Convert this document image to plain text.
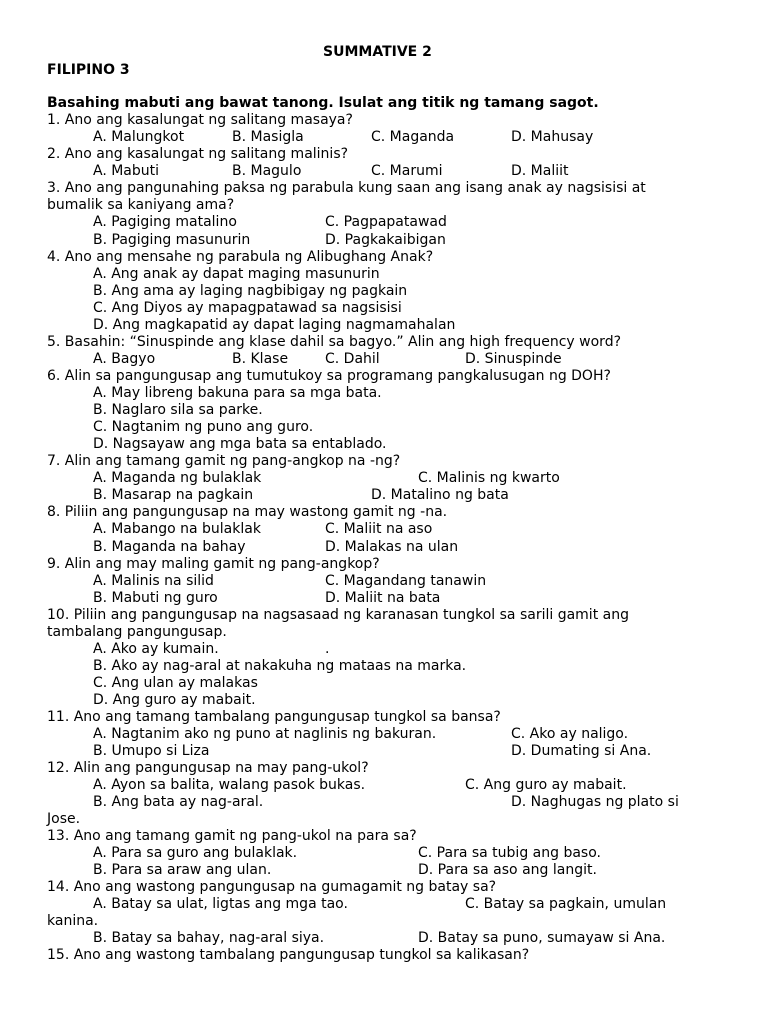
SUMMATIVE 2
FILIPINO 3
Basahing mabuti ang bawat tanong. Isulat ang titik ng tamang sagot.
1. Ano ang kasalungat ng salitang masaya?
A. Malungkot	B. Masigla	C. Maganda	D. Mahusay
2. Ano ang kasalungat ng salitang malinis?
A. Mabuti	B. Magulo	C. Marumi	D. Maliit
3. Ano ang pangunahing paksa ng parabula kung saan ang isang anak ay nagsisisi at
bumalik sa kaniyang ama?
A. Pagiging matalino	C. Pagpapatawad
B. Pagiging masunurin	D. Pagkakaibigan
4. Ano ang mensahe ng parabula ng Alibughang Anak?
A. Ang anak ay dapat maging masunurin
B. Ang ama ay laging nagbibigay ng pagkain
C. Ang Diyos ay mapagpatawad sa nagsisisi
D. Ang magkapatid ay dapat laging nagmamahalan
5. Basahin: “Sinuspinde ang klase dahil sa bagyo.” Alin ang high frequency word?
A. Bagyo	B. Klase	C. Dahil	D. Sinuspinde
6. Alin sa pangungusap ang tumutukoy sa programang pangkalusugan ng DOH?
A. May libreng bakuna para sa mga bata.
B. Naglaro sila sa parke.
C. Nagtanim ng puno ang guro.
D. Nagsayaw ang mga bata sa entablado.
7. Alin ang tamang gamit ng pang-angkop na -ng?
A. Maganda ng bulaklak	C. Malinis ng kwarto
B. Masarap na pagkain	D. Matalino ng bata
8. Piliin ang pangungusap na may wastong gamit ng -na.
A. Mabango na bulaklak	C. Maliit na aso
B. Maganda na bahay	D. Malakas na ulan
9. Alin ang may maling gamit ng pang-angkop?
A. Malinis na silid	C. Magandang tanawin
B. Mabuti ng guro	D. Maliit na bata
10. Piliin ang pangungusap na nagsasaad ng karanasan tungkol sa sarili gamit ang
tambalang pangungusap.
A. Ako ay kumain.	.
B. Ako ay nag-aral at nakakuha ng mataas na marka.
C. Ang ulan ay malakas
D. Ang guro ay mabait.
11. Ano ang tamang tambalang pangungusap tungkol sa bansa?
A. Nagtanim ako ng puno at naglinis ng bakuran.	C. Ako ay naligo.
B. Umupo si Liza	D. Dumating si Ana.
12. Alin ang pangungusap na may pang-ukol?
A. Ayon sa balita, walang pasok bukas.	C. Ang guro ay mabait.
B. Ang bata ay nag-aral.	D. Naghugas ng plato si
Jose.
13. Ano ang tamang gamit ng pang-ukol na para sa?
A. Para sa guro ang bulaklak.	C. Para sa tubig ang baso.
B. Para sa araw ang ulan.	D. Para sa aso ang langit.
14. Ano ang wastong pangungusap na gumagamit ng batay sa?
A. Batay sa ulat, ligtas ang mga tao.	C. Batay sa pagkain, umulan
kanina.
B. Batay sa bahay, nag-aral siya.	D. Batay sa puno, sumayaw si Ana.
15. Ano ang wastong tambalang pangungusap tungkol sa kalikasan?
